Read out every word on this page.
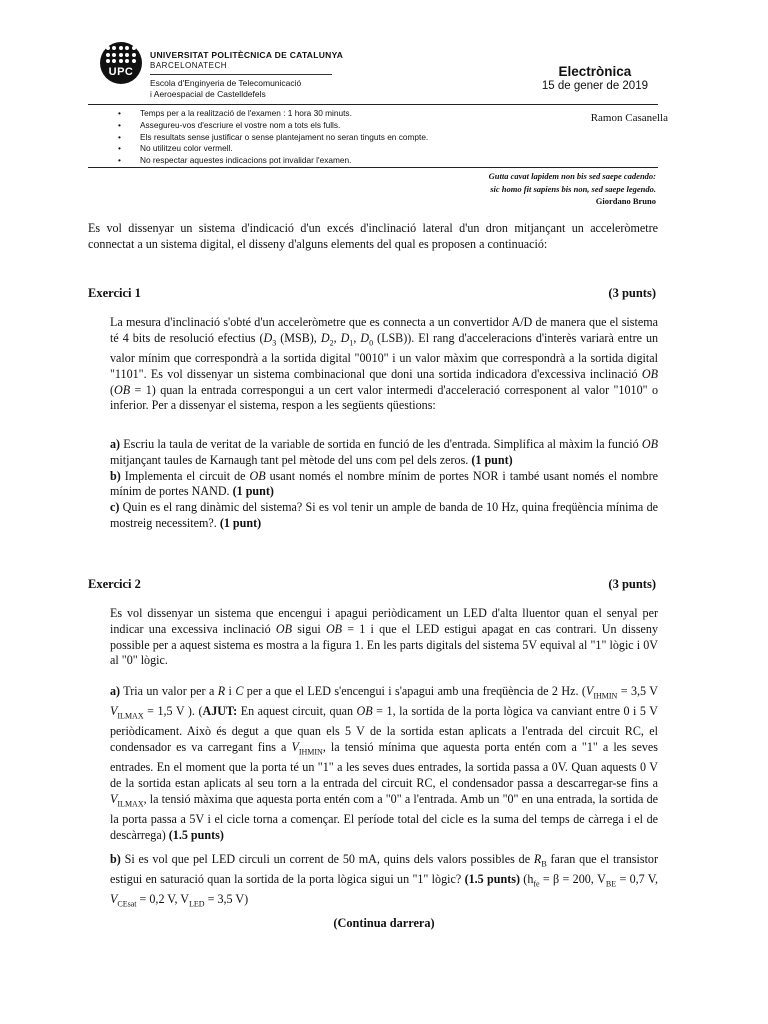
UPC
UNIVERSITAT POLITÈCNICA DE CATALUNYA
BARCELONATECH
Escola d'Enginyeria de Telecomunicació
i Aeroespacial de Castelldefels
Electrònica
15 de gener de 2019
• Temps per a la realització de l'examen : 1 hora 30 minuts.
• Assegureu-vos d'escriure el vostre nom a tots els fulls.
• Els resultats sense justificar o sense plantejament no seran tinguts en compte.
• No utilitzeu color vermell.
• No respectar aquestes indicacions pot invalidar l'examen.
Ramon Casanella
Gutta cavat lapidem non bis sed saepe cadendo:
sic homo fit sapiens bis non, sed saepe legendo.
Giordano Bruno
Es vol dissenyar un sistema d'indicació d'un excés d'inclinació lateral d'un dron mitjançant un acceleròmetre connectat a un sistema digital, el disseny d'alguns elements del qual es proposen a continuació:
Exercici 1	(3 punts)
La mesura d'inclinació s'obté d'un acceleròmetre que es connecta a un convertidor A/D de manera que el sistema té 4 bits de resolució efectius ($D_3$ (MSB), $D_2$, $D_1$, $D_0$ (LSB)). El rang d'acceleracions d'interès variarà entre un valor mínim que correspondrà a la sortida digital "0010" i un valor màxim que correspondrà a la sortida digital "1101". Es vol dissenyar un sistema combinacional que doni una sortida indicadora d'excessiva inclinació OB (OB = 1) quan la entrada correspongui a un cert valor intermedi d'acceleració corresponent al valor "1010" o inferior. Per a dissenyar el sistema, respon a les següents qüestions:

a) Escriu la taula de veritat de la variable de sortida en funció de les d'entrada. Simplifica al màxim la funció OB mitjançant taules de Karnaugh tant pel mètode del uns com pel dels zeros. (1 punt)

b) Implementa el circuit de OB usant només el nombre mínim de portes NOR i també usant només el nombre mínim de portes NAND. (1 punt)

c) Quin es el rang dinàmic del sistema? Si es vol tenir un ample de banda de 10 Hz, quina freqüència mínima de mostreig necessitem?. (1 punt)

Exercici 2	(3 punts)
Es vol dissenyar un sistema que encengui i apagui periòdicament un LED d'alta lluentor quan el senyal per indicar una excessiva inclinació OB sigui OB = 1 i que el LED estigui apagat en cas contrari. Un disseny possible per a aquest sistema es mostra a la figura 1. En les parts digitals del sistema 5V equival al "1" lògic i 0V al "0" lògic.
a) Tria un valor per a R i C per a que el LED s'encengui i s'apagui amb una freqüència de 2 Hz. ($V_{IHMIN} = 3,5$ V $V_{ILMAX} = 1,5$ V ). (AJUT: En aquest circuit, quan OB = 1, la sortida de la porta lògica va canviant entre 0 i 5 V periòdicament. Això és degut a que quan els 5 V de la sortida estan aplicats a l'entrada del circuit RC, el condensador es va carregant fins a $V_{IHMIN}$, la tensió mínima que aquesta porta entén com a "1" a les seves entrades. En el moment que la porta té un "1" a les seves dues entrades, la sortida passa a 0V. Quan aquests 0 V de la sortida estan aplicats al seu torn a la entrada del circuit RC, el condensador passa a descarregar-se fins a $V_{ILMAX}$, la tensió màxima que aquesta porta entén com a "0" a l'entrada. Amb un "0" en una entrada, la sortida de la porta passa a 5V i el cicle torna a començar. El període total del cicle es la suma del temps de càrrega i el de descàrrega) (1.5 punts)
b) Si es vol que pel LED circuli un corrent de 50 mA, quins dels valors possibles de $R_B$ faran que el transistor estigui en saturació quan la sortida de la porta lògica sigui un "1" lògic? (1.5 punts) ($h_{fe} = \beta = 200$, $V_{BE} = 0,7$ V, $V_{CEsat} = 0,2$ V, $V_{LED} = 3,5$ V)
(Continua darrera)
